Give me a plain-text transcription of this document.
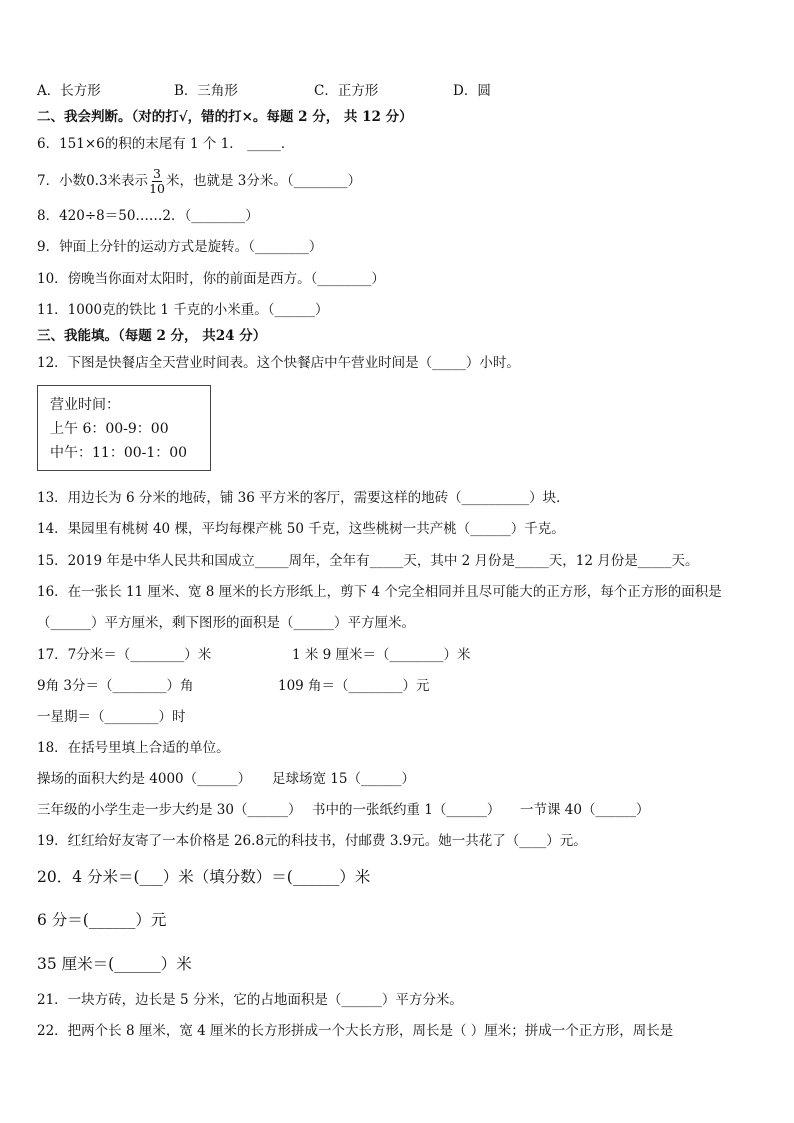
A．长方形	B．三角形	C．正方形	D．圆
二、我会判断。（对的打√，错的打×。每题 2 分， 共 12 分）
6．151×6的积的末尾有 1 个 1． _____．
7．小数0.3米表示 $\frac{3}{10}$ 米，也就是 3分米。（________）
8．420÷8＝50……2．（________）
9．钟面上分针的运动方式是旋转。（________）
10．傍晚当你面对太阳时，你的前面是西方。（________）
11．1000克的铁比 1 千克的小米重。（______）
三、我能填。（每题 2 分， 共24 分）
12．下图是快餐店全天营业时间表。这个快餐店中午营业时间是（_____）小时。
营业时间：
上午 6：00-9：00
中午：11：00-1：00
13．用边长为 6 分米的地砖，铺 36 平方米的客厅，需要这样的地砖（__________）块．
14．果园里有桃树 40 棵，平均每棵产桃 50 千克，这些桃树一共产桃（______）千克。
15．2019 年是中华人民共和国成立_____周年，全年有_____天，其中 2 月份是_____天，12 月份是_____天。
16．在一张长 11 厘米、宽 8 厘米的长方形纸上，剪下 4 个完全相同并且尽可能大的正方形，每个正方形的面积是
（______）平方厘米，剩下图形的面积是（______）平方厘米。
17．7分米＝（________）米	1 米 9 厘米＝（________）米
9角 3分＝（________）角	109 角＝（________）元
一星期＝（________）时
18．在括号里填上合适的单位。
操场的面积大约是 4000（______） 足球场宽 15（______）
三年级的小学生走一步大约是 30（______） 书中的一张纸约重 1（______） 一节课 40（______）
19．红红给好友寄了一本价格是 26.8元的科技书，付邮费 3.9元。她一共花了（____）元。
20．4 分米＝(___）米（填分数）＝(______）米
6 分＝(______）元
35 厘米＝(______）米
21．一块方砖，边长是 5 分米，它的占地面积是（______）平方分米。
22．把两个长 8 厘米，宽 4 厘米的长方形拼成一个大长方形，周长是（ ）厘米；拼成一个正方形，周长是
